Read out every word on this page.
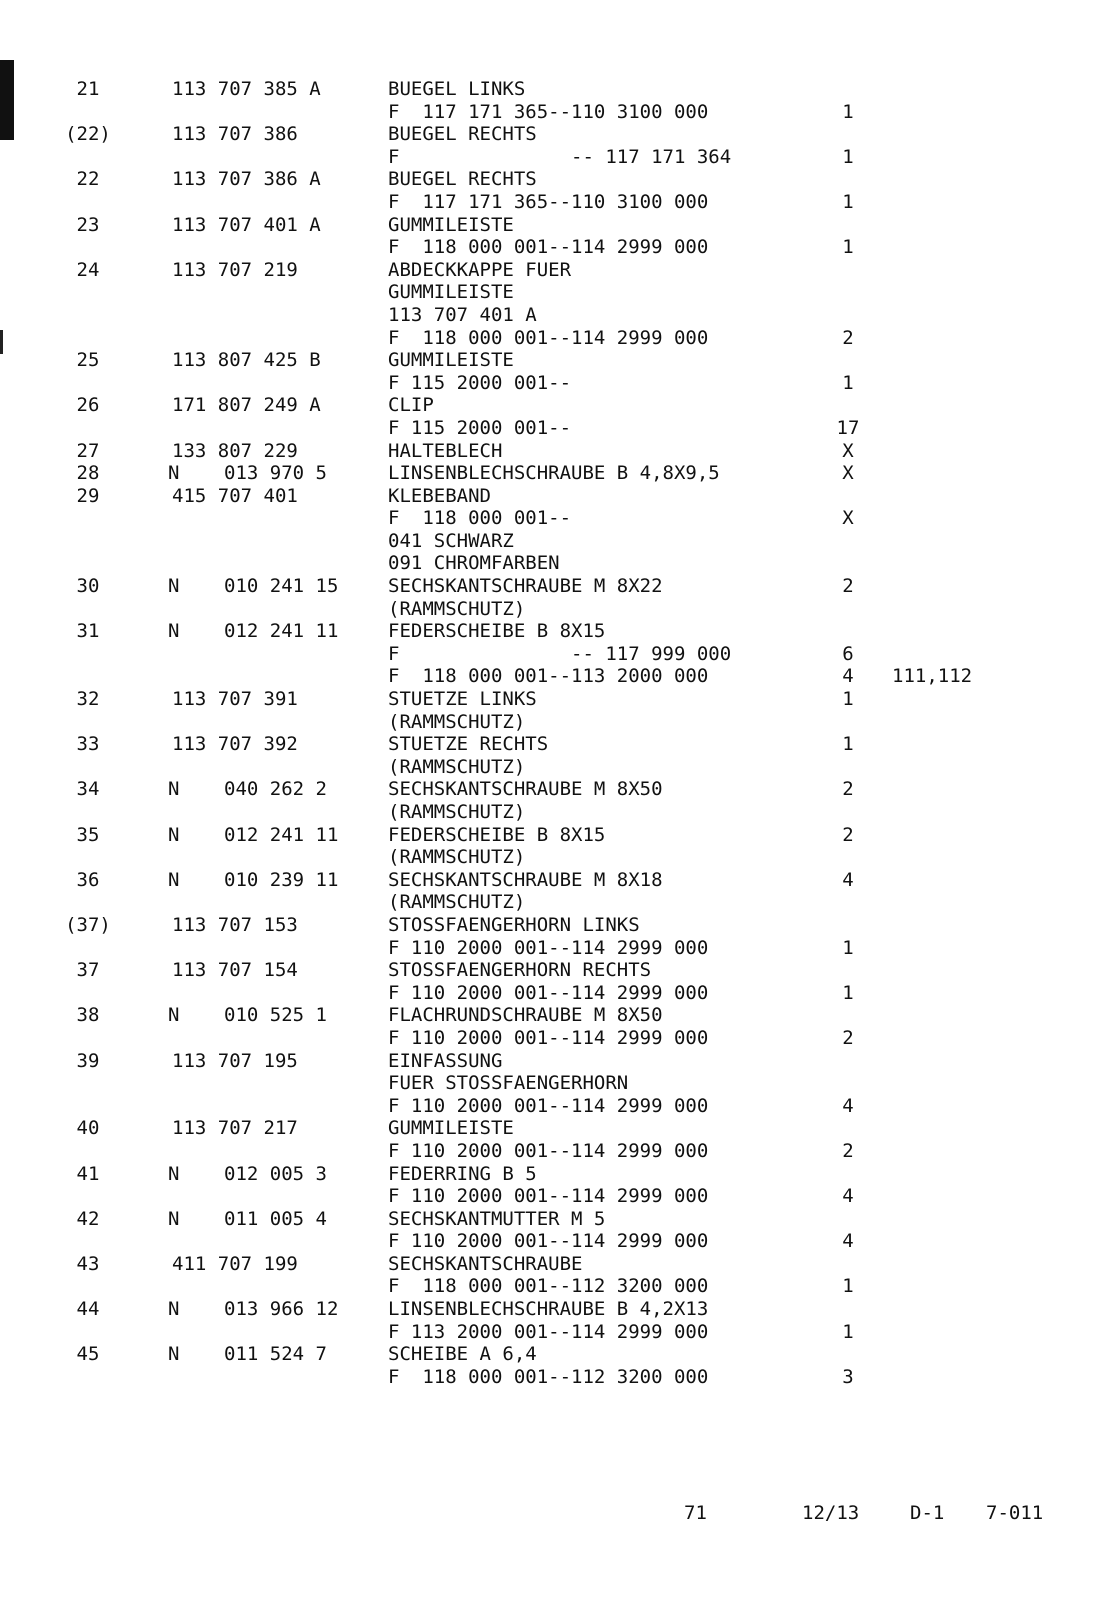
21	113 707 385 A	BUEGEL LINKS
F  117 171 365--110 3100 000	1
(22)	113 707 386	BUEGEL RECHTS
F               -- 117 171 364	1
22	113 707 386 A	BUEGEL RECHTS
F  117 171 365--110 3100 000	1
23	113 707 401 A	GUMMILEISTE
F  118 000 001--114 2999 000	1
24	113 707 219	ABDECKKAPPE FUER
GUMMILEISTE
113 707 401 A
F  118 000 001--114 2999 000	2
25	113 807 425 B	GUMMILEISTE
F 115 2000 001--	1
26	171 807 249 A	CLIP
F 115 2000 001--	17
27	133 807 229	HALTEBLECH	X
28	N 013 970 5	LINSENBLECHSCHRAUBE B 4,8X9,5	X
29	415 707 401	KLEBEBAND
F  118 000 001--	X
041 SCHWARZ
091 CHROMFARBEN
30	N 010 241 15	SECHSKANTSCHRAUBE M 8X22	2
(RAMMSCHUTZ)
31	N 012 241 11	FEDERSCHEIBE B 8X15
F               -- 117 999 000	6
F  118 000 001--113 2000 000	4	111,112
32	113 707 391	STUETZE LINKS	1
(RAMMSCHUTZ)
33	113 707 392	STUETZE RECHTS	1
(RAMMSCHUTZ)
34	N 040 262 2	SECHSKANTSCHRAUBE M 8X50	2
(RAMMSCHUTZ)
35	N 012 241 11	FEDERSCHEIBE B 8X15	2
(RAMMSCHUTZ)
36	N 010 239 11	SECHSKANTSCHRAUBE M 8X18	4
(RAMMSCHUTZ)
(37)	113 707 153	STOSSFAENGERHORN LINKS
F 110 2000 001--114 2999 000	1
37	113 707 154	STOSSFAENGERHORN RECHTS
F 110 2000 001--114 2999 000	1
38	N 010 525 1	FLACHRUNDSCHRAUBE M 8X50
F 110 2000 001--114 2999 000	2
39	113 707 195	EINFASSUNG
FUER STOSSFAENGERHORN
F 110 2000 001--114 2999 000	4
40	113 707 217	GUMMILEISTE
F 110 2000 001--114 2999 000	2
41	N 012 005 3	FEDERRING B 5
F 110 2000 001--114 2999 000	4
42	N 011 005 4	SECHSKANTMUTTER M 5
F 110 2000 001--114 2999 000	4
43	411 707 199	SECHSKANTSCHRAUBE
F  118 000 001--112 3200 000	1
44	N 013 966 12	LINSENBLECHSCHRAUBE B 4,2X13
F 113 2000 001--114 2999 000	1
45	N 011 524 7	SCHEIBE A 6,4
F  118 000 001--112 3200 000	3
71	12/13	D-1 7-011
